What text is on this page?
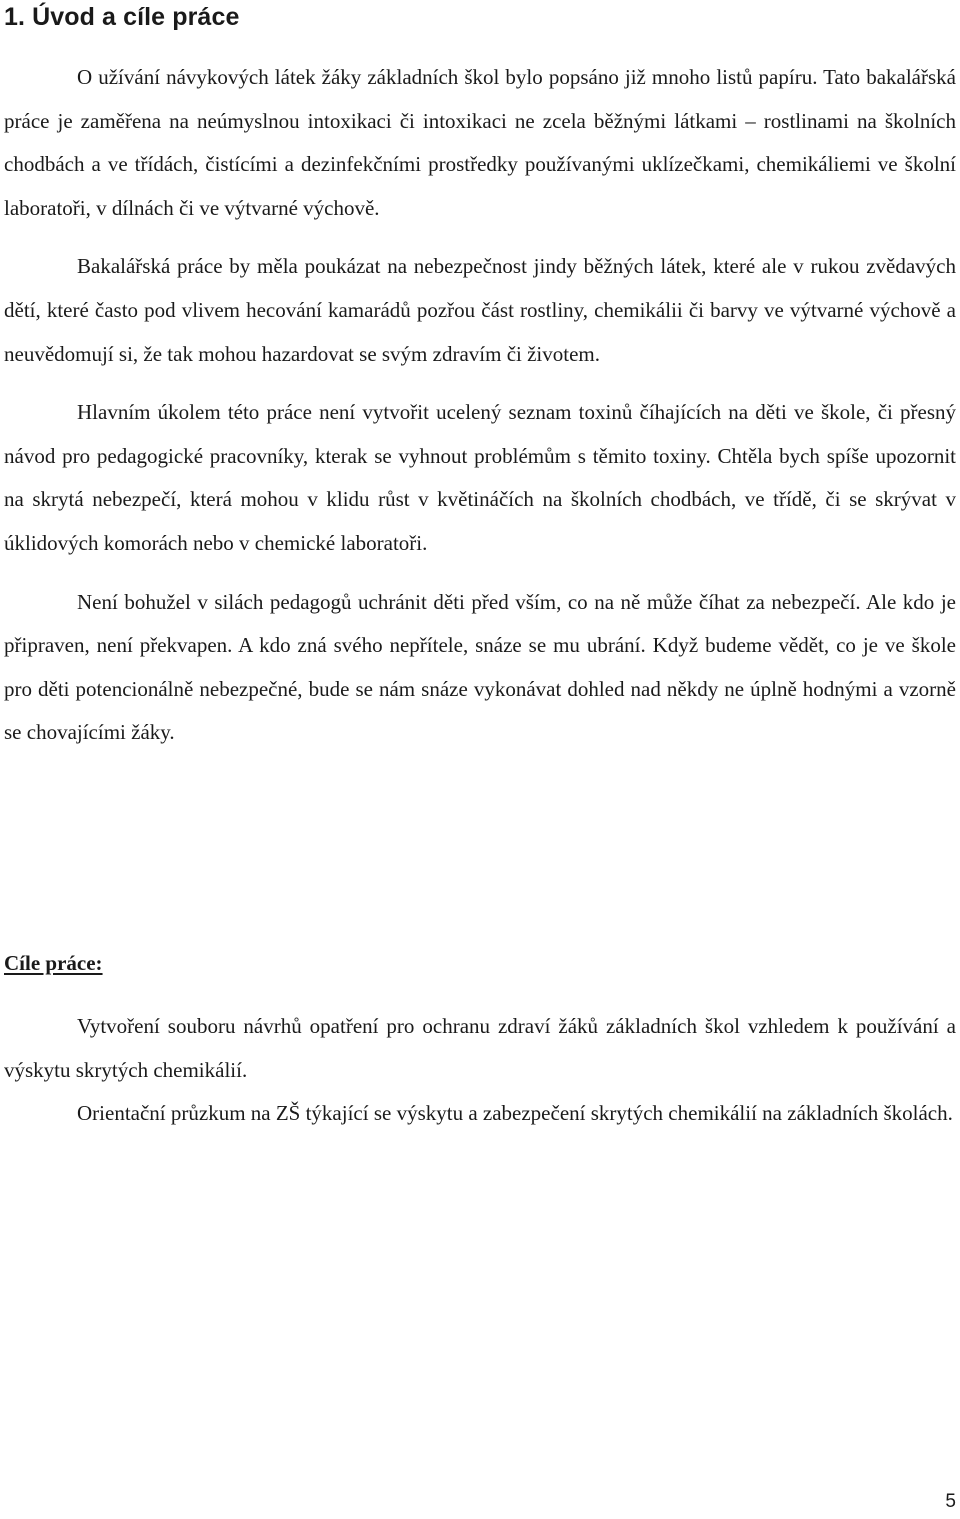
1. Úvod a cíle práce

O užívání návykových látek žáky základních škol bylo popsáno již mnoho listů papíru. Tato bakalářská práce je zaměřena na neúmyslnou intoxikaci či intoxikaci ne zcela běžnými látkami – rostlinami na školních chodbách a ve třídách, čistícími a dezinfekčními prostředky používanými uklízečkami, chemikáliemi ve školní laboratoři, v dílnách či ve výtvarné výchově.

Bakalářská práce by měla poukázat na nebezpečnost jindy běžných látek, které ale v rukou zvědavých dětí, které často pod vlivem hecování kamarádů pozřou část rostliny, chemikálii či barvy ve výtvarné výchově a neuvědomují si, že tak mohou hazardovat se svým zdravím či životem.

Hlavním úkolem této práce není vytvořit ucelený seznam toxinů číhajících na děti ve škole, či přesný návod pro pedagogické pracovníky, kterak se vyhnout problémům s těmito toxiny. Chtěla bych spíše upozornit na skrytá nebezpečí, která mohou v klidu růst v květináčích na školních chodbách, ve třídě, či se skrývat v úklidových komorách nebo v chemické laboratoři.

Není bohužel v silách pedagogů uchránit děti před vším, co na ně může číhat za nebezpečí. Ale kdo je připraven, není překvapen. A kdo zná svého nepřítele, snáze se mu ubrání. Když budeme vědět, co je ve škole pro děti potencionálně nebezpečné, bude se nám snáze vykonávat dohled nad někdy ne úplně hodnými a vzorně se chovajícími žáky.

Cíle práce:

Vytvoření souboru návrhů opatření pro ochranu zdraví žáků základních škol vzhledem k používání a výskytu skrytých chemikálií.

Orientační průzkum na ZŠ týkající se výskytu a zabezpečení skrytých chemikálií na základních školách.

5
